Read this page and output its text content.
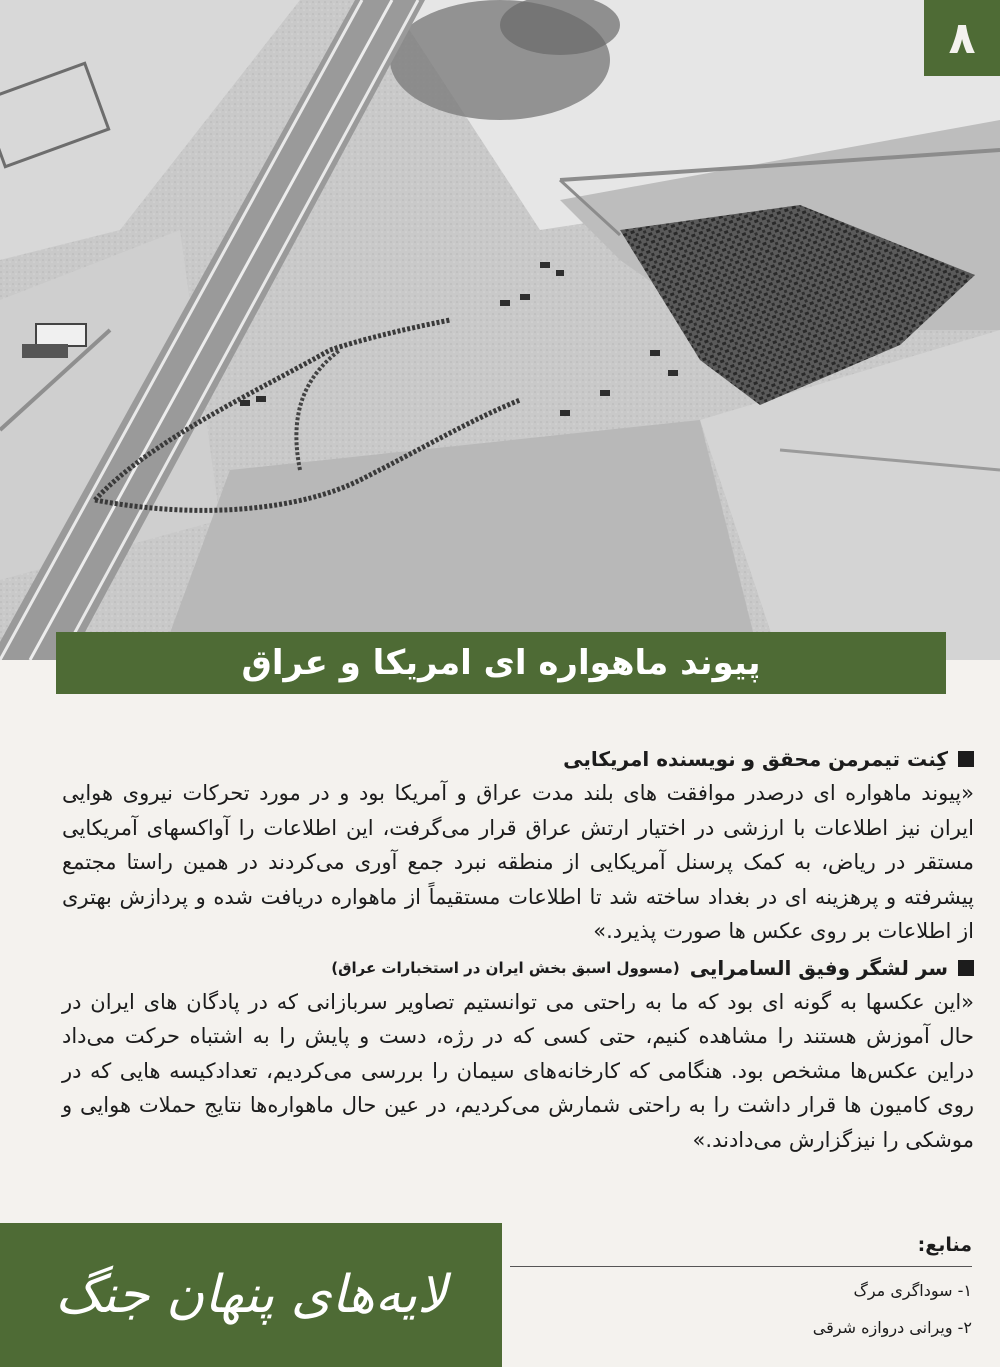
۸
پیوند ماهواره ای امریکا و عراق
کِنت تیمرمن محقق و نویسنده امریکایی

«پیوند ماهواره ای درصدر موافقت های بلند مدت عراق و آمریکا بود و در مورد تحرکات نیروی هوایی ایران نیز اطلاعات با ارزشی در اختیار ارتش عراق قرار می‌گرفت، این اطلاعات را آواکسهای آمریکایی مستقر در ریاض، به کمک پرسنل آمریکایی از منطقه نبرد جمع آوری می‌کردند در همین راستا مجتمع پیشرفته و پرهزینه ای در بغداد ساخته شد تا اطلاعات مستقیماً از ماهواره دریافت شده و پردازش بهتری از اطلاعات بر روی عکس ها صورت پذیرد.»

سر لشگر وفیق السامرایی
(مسوول اسبق بخش ایران در استخبارات عراق)

«این عکسها به گونه ای بود که ما به راحتی می توانستیم تصاویر سربازانی که در پادگان های ایران در حال آموزش هستند را مشاهده کنیم، حتی کسی که در رژه، دست و پایش را به اشتباه حرکت می‌داد دراین عکس‌ها مشخص بود. هنگامی که کارخانه‌های سیمان را بررسی می‌کردیم، تعدادکیسه هایی که در روی کامیون ها قرار داشت را به راحتی شمارش می‌کردیم، در عین حال ماهواره‌ها نتایج حملات هوایی و موشکی را نیزگزارش می‌دادند.»

لایه‌های پنهان جنگ
منابع:
۱- سوداگری مرگ
۲- ویرانی دروازه شرقی
